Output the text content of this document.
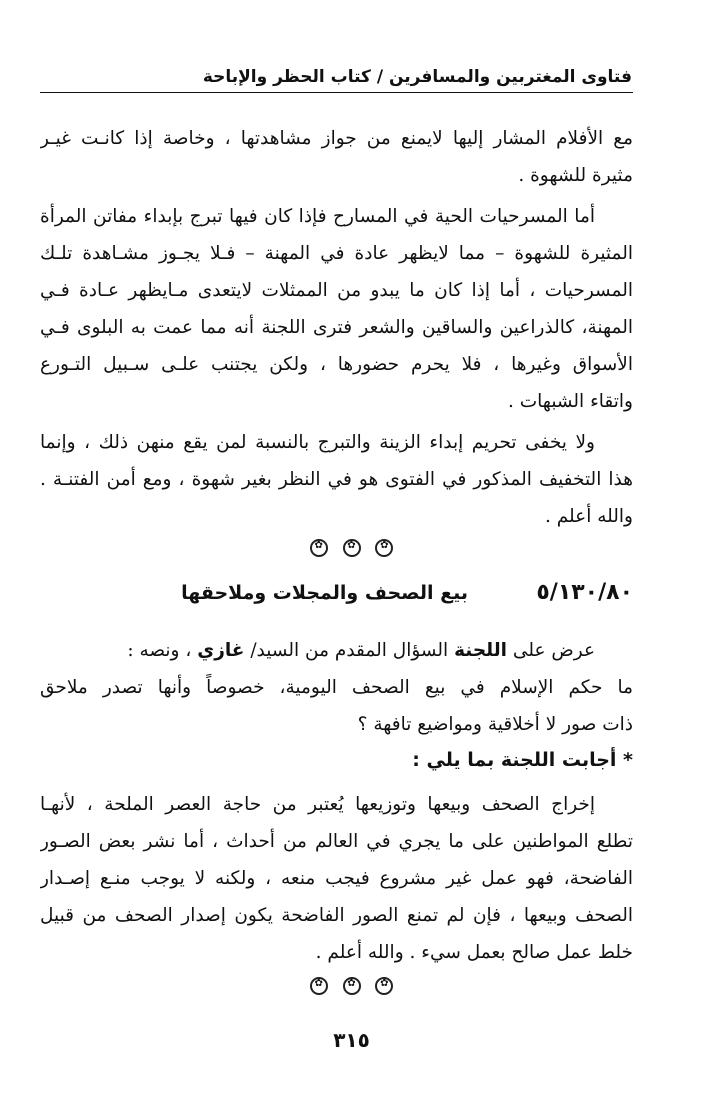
فتاوى المغتربين والمسافرين / كتاب الحظر والإباحة
مع الأفلام المشار إليها لايمنع من جواز مشاهدتها ، وخاصة إذا كانـت غيـر
مثيرة للشهوة .
أما المسرحيات الحية في المسارح فإذا كان فيها تبرج بإبداء مفاتن المرأة
المثيرة للشهوة – مما لايظهر عادة في المهنة – فـلا يجـوز مشـاهدة تلـك
المسرحيات ، أما إذا كان ما يبدو من الممثلات لايتعدى مـايظهر عـادة فـي
المهنة، كالذراعين والساقين والشعر فترى اللجنة أنه مما عمت به البلوى فـي
الأسواق وغيرها ، فلا يحرم حضورها ، ولكن يجتنب علـى سـبيل التـورع
واتقاء الشبهات .
ولا يخفى تحريم إبداء الزينة والتبرج بالنسبة لمن يقع منهن ذلك ، وإنما
هذا التخفيف المذكور في الفتوى هو في النظر بغير شهوة ، ومع أمن الفتنـة .
والله أعلم .
✿ ✿ ✿
٥/١٣٠/٨٠
بيع الصحف والمجلات وملاحقها
عرض على اللجنة السؤال المقدم من السيد/ غازي ، ونصه :
ما حكم الإسلام في بيع الصحف اليومية، خصوصاً وأنها تصدر ملاحق
ذات صور لا أخلاقية ومواضيع تافهة ؟
* أجابت اللجنة بما يلي :
إخراج الصحف وبيعها وتوزيعها يُعتبر من حاجة العصر الملحة ، لأنهـا
تطلع المواطنين على ما يجري في العالم من أحداث ، أما نشر بعض الصـور
الفاضحة، فهو عمل غير مشروع فيجب منعه ، ولكنه لا يوجب منـع إصـدار
الصحف وبيعها ، فإن لم تمنع الصور الفاضحة يكون إصدار الصحف من قبيل
خلط عمل صالح بعمل سيء . والله أعلم .
✿ ✿ ✿
٣١٥
